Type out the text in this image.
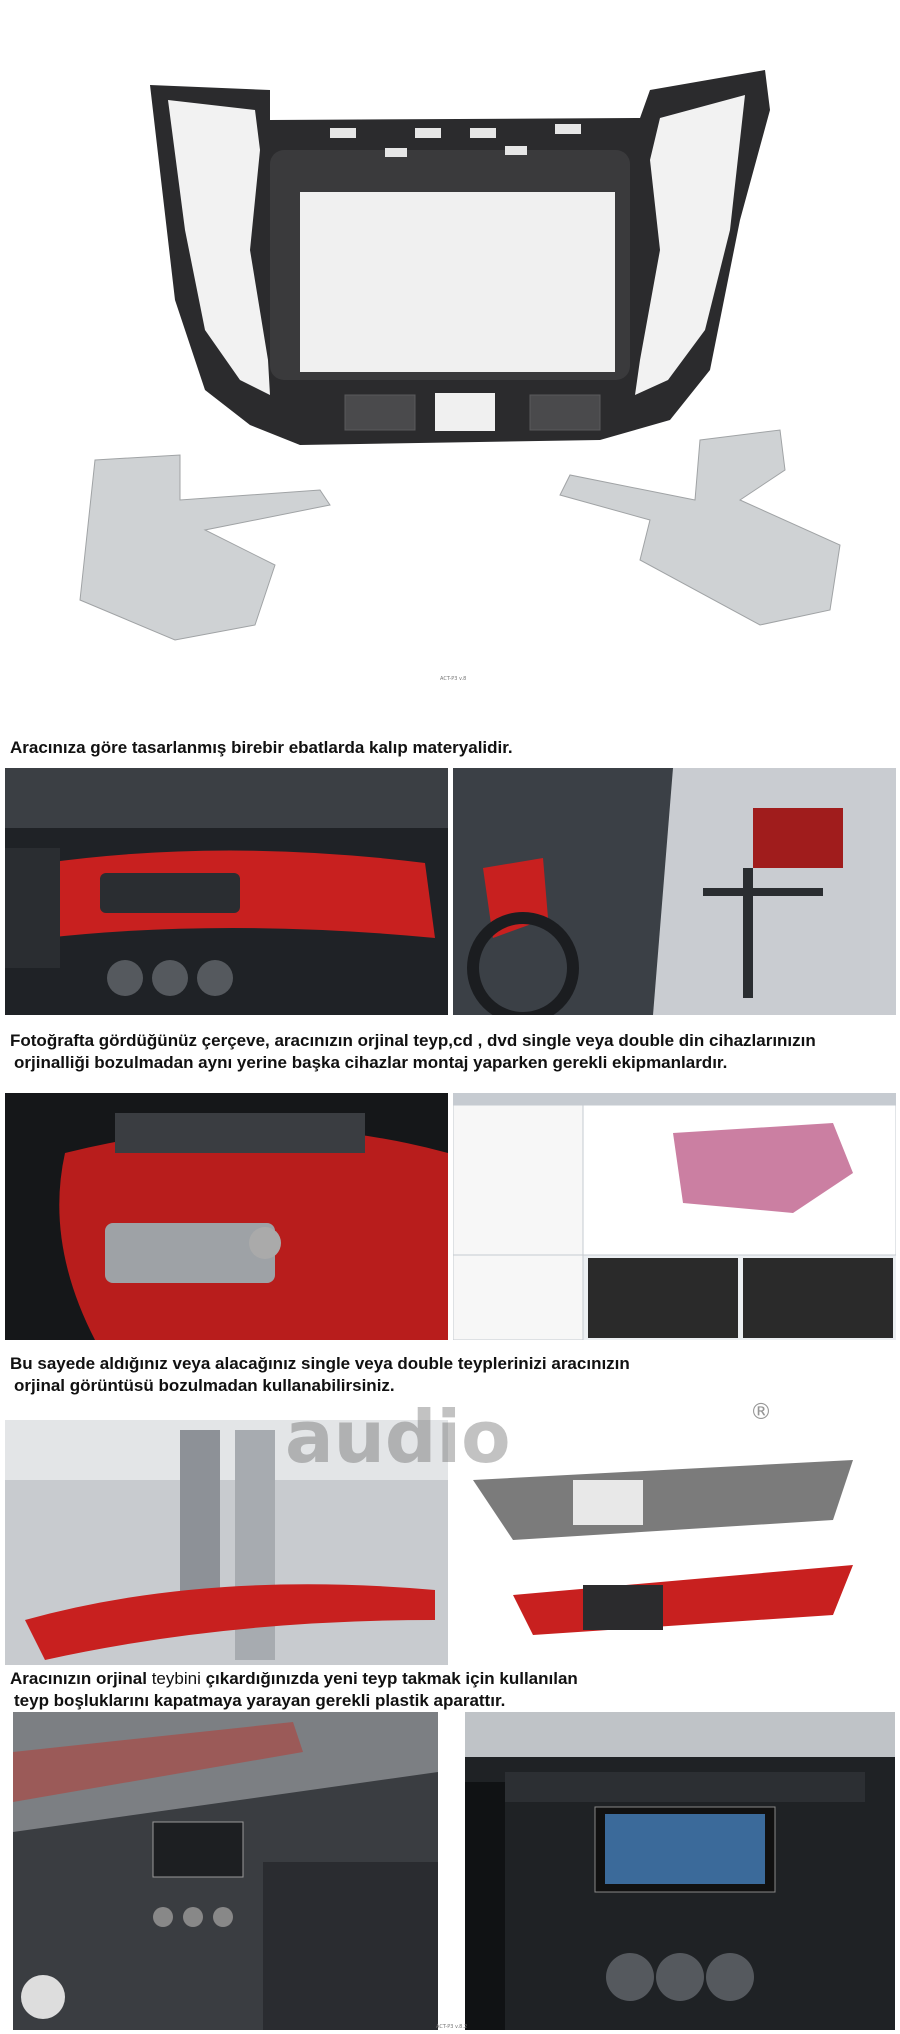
ACT-P3 v.8
Aracınıza göre tasarlanmış birebir ebatlarda kalıp materyalidir.
Fotoğrafta gördüğünüz çerçeve, aracınızın orjinal teyp,cd , dvd single veya double din cihazlarınızın
orjinalliği bozulmadan aynı yerine başka cihazlar montaj yaparken gerekli ekipmanlardır.
Bu sayede aldığınız veya alacağınız single veya double teyplerinizi aracınızın
orjinal görüntüsü bozulmadan kullanabilirsiniz.
audio	®
Aracınızın orjinal teybini çıkardığınızda yeni teyp takmak için kullanılan
teyp boşluklarını kapatmaya yarayan gerekli plastik aparattır.
ACT-P3 v.8.2
